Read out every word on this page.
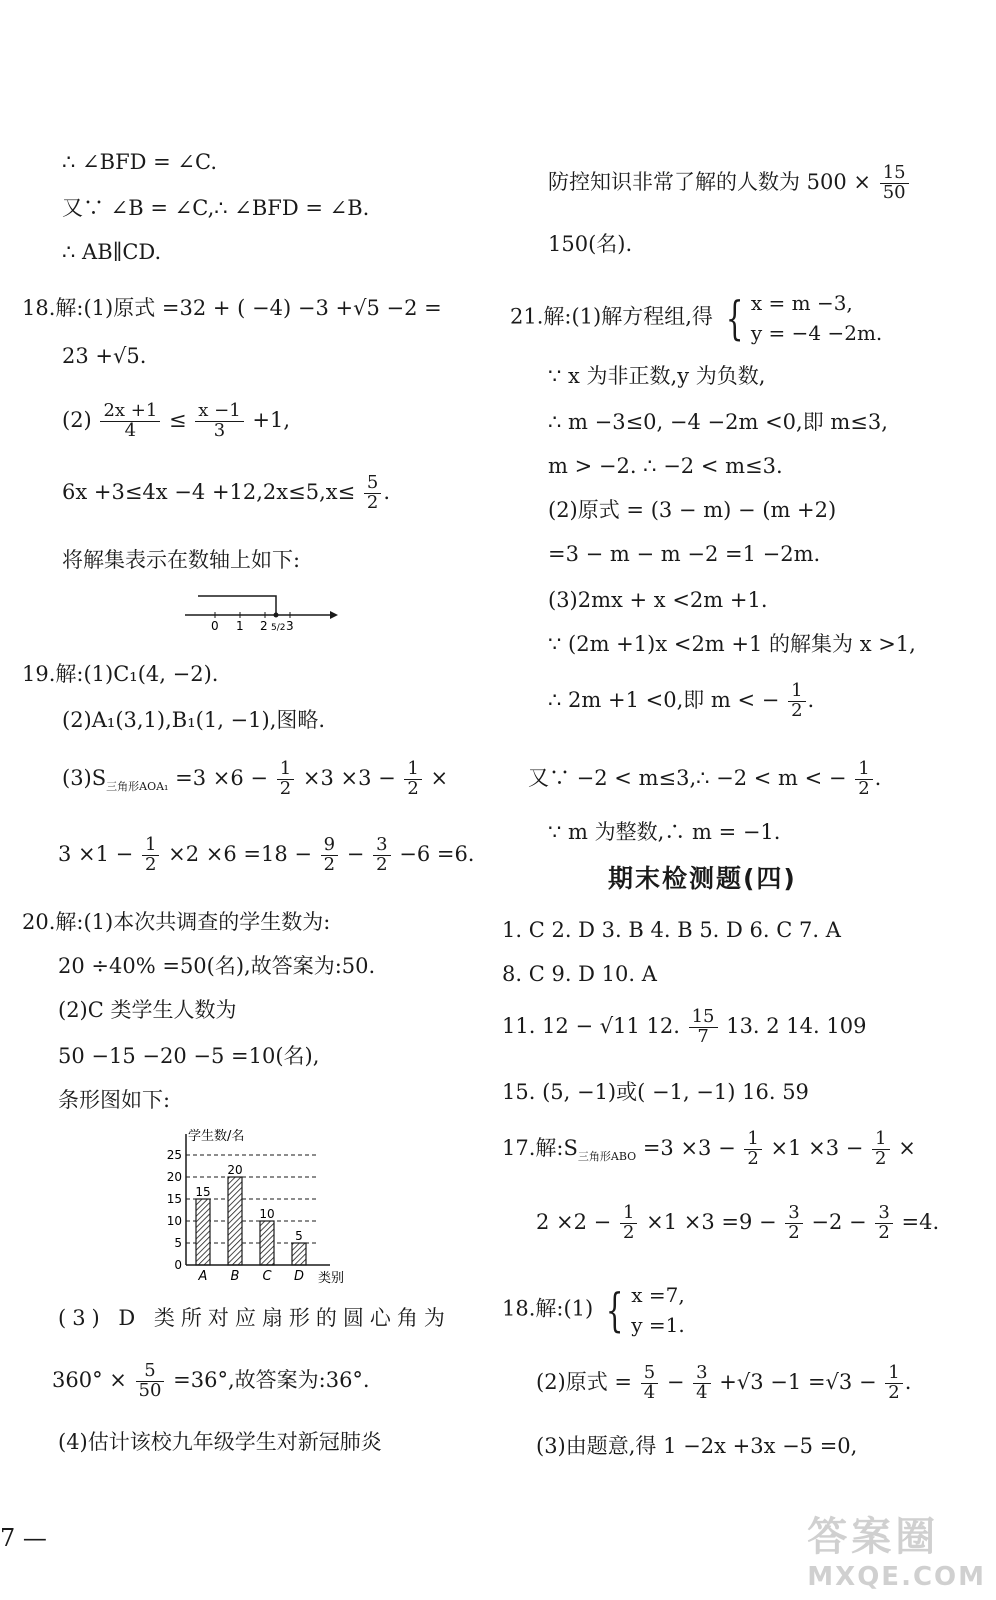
∴ ∠BFD = ∠C.
又∵ ∠B = ∠C,∴ ∠BFD = ∠B.
∴ AB∥CD.
18.解:(1)原式 =32 + ( −4) −3 +√5 −2 =
23 +√5.
$(2) \frac{2x +1}{4} \le \frac{x -1}{3} +1$,
$6x +3\le 4x -4 +12,2x\le 5,x\le \frac{5}{2}$ .
将解集表示在数轴上如下:
0 1 2 5/2 3
19.解:(1)C₁(4, −2).
(2)A₁(3,1),B₁(1, −1),图略.
$(3)S_{三角形AOA_1} =3 \times 6 - \frac{1}{2} \times 3 \times 3 - \frac{1}{2}$ ×
$3 \times 1 - \frac{1}{2} \times 2 \times 6 =18 - \frac{9}{2} - \frac{3}{2} -6 =6$.
20.解:(1)本次共调查的学生数为:
20 ÷40% =50(名),故答案为:50.
(2)C 类学生人数为
50 −15 −20 −5 =10(名),
条形图如下:
0
5
10
15
20
25
15
A
20
B
10
C
5
D
学生数/名
类别
(3) D 类所对应扇形的圆心角为
$360^\circ \times \frac{5}{50} =36^\circ$,故答案为:36°.
(4)估计该校九年级学生对新冠肺炎
7 —
防控知识非常了解的人数为 $500 \times \frac{15}{50}$
150(名).
21.解:(1)解方程组,得 { x = m −3,
y = −4 −2m.
∵ x 为非正数,y 为负数,
∴ m −3≤0, −4 −2m <0,即 m≤3,
m > −2. ∴ −2 < m≤3.
(2)原式 = (3 − m) − (m +2)
=3 − m − m −2 =1 −2m.
(3)2mx + x <2m +1.
∵ (2m +1)x <2m +1 的解集为 x >1,
∴ 2m +1 <0,即 m < − $\frac{1}{2}$ .
又∵ −2 < m≤3,∴ −2 < m < − $\frac{1}{2}$ .
∵ m 为整数,∴ m = −1.
期末检测题(四)
1. C 2. D 3. B 4. B 5. D 6. C 7. A
8. C 9. D 10. A
11. 12 − √11 12. $\frac{15}{7} 13$. 2 14. 109
15. (5, −1)或( −1, −1) 16. 59
17.解$:S_{三角形ABO} =3 \times 3 - \frac{1}{2} \times 1 \times 3 - \frac{1}{2}$ ×
$2 \times 2 - \frac{1}{2} \times 1 \times 3 =9 - \frac{3}{2} -2 - \frac{3}{2} =4$.
18.解:(1) { x =7,
y =1.
(2)原式 = $\frac{5}{4} - \frac{3}{4} +√3 -1 =√3 - \frac{1}{2}$ .
(3)由题意,得 1 −2x +3x −5 =0,
答案圈
MXQE.COM
